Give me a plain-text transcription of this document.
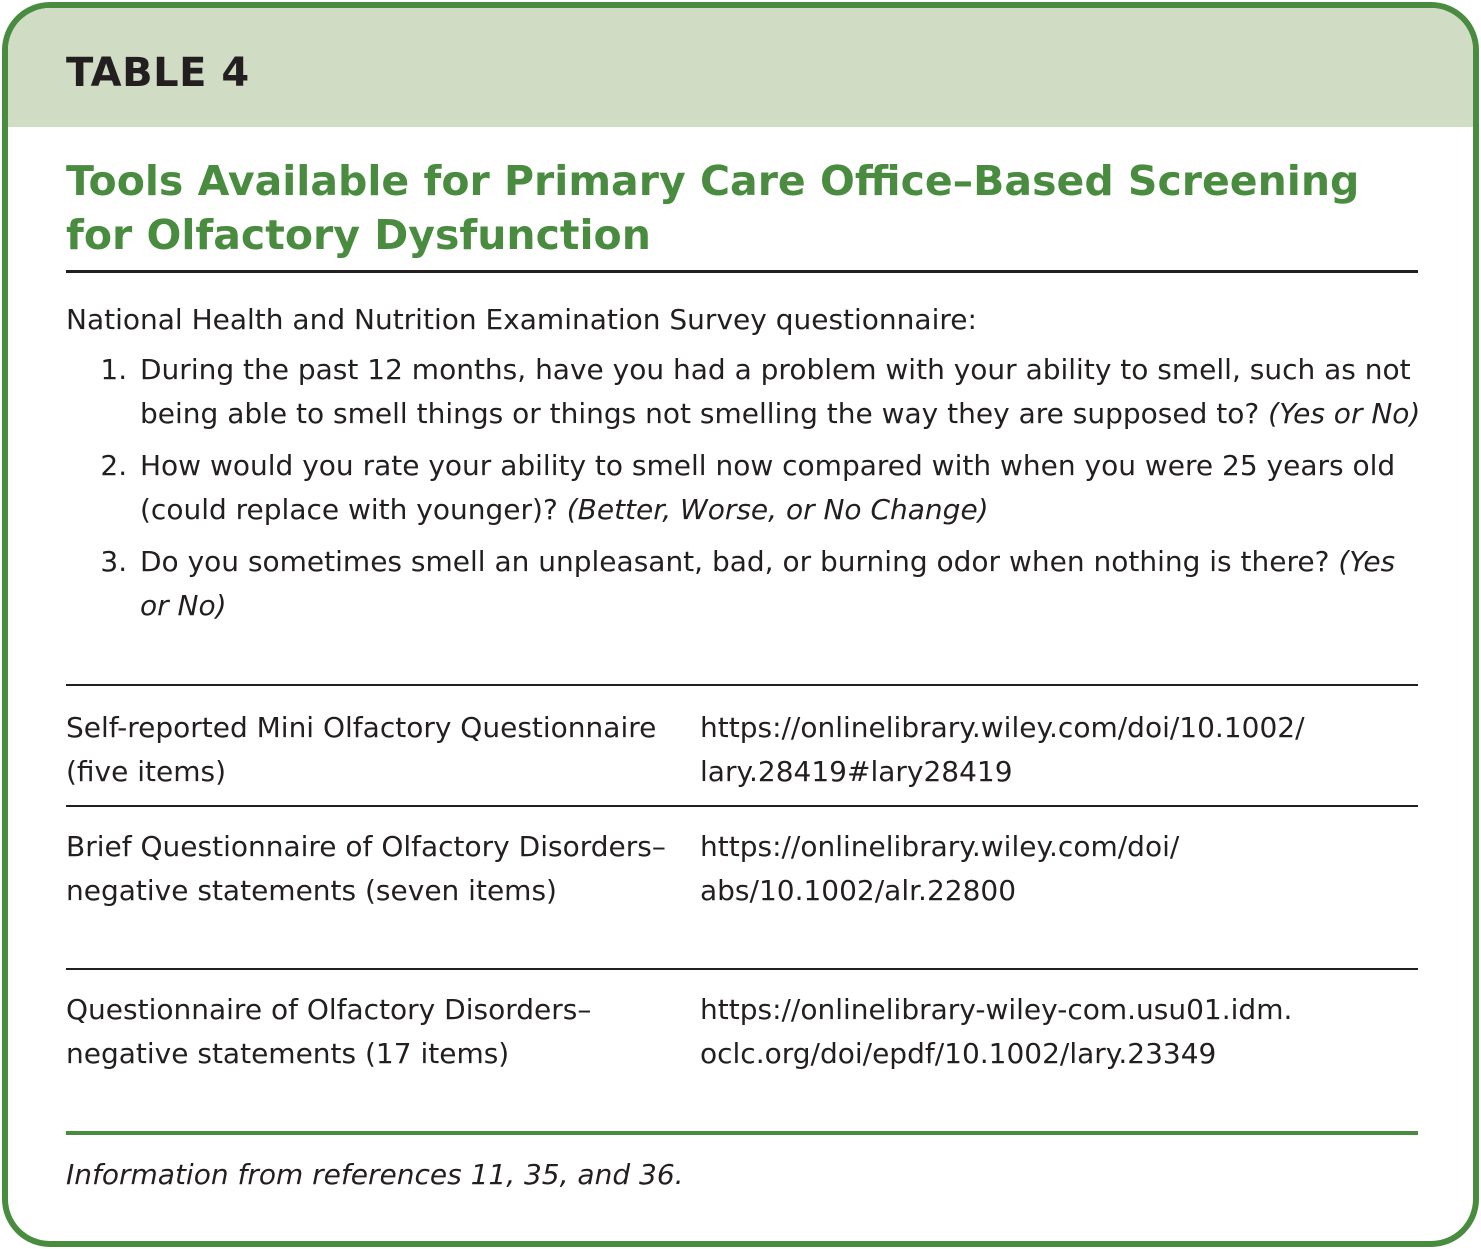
TABLE 4
Tools Available for Primary Care Office–Based Screening for Olfactory Dysfunction
National Health and Nutrition Examination Survey questionnaire:
1. During the past 12 months, have you had a problem with your ability to smell, such as not being able to smell things or things not smelling the way they are supposed to? (Yes or No)
2. How would you rate your ability to smell now compared with when you were 25 years old (could replace with younger)? (Better, Worse, or No Change)
3. Do you sometimes smell an unpleasant, bad, or burning odor when nothing is there? (Yes or No)
Self-reported Mini Olfactory Questionnaire (five items)
https://onlinelibrary.wiley.com/doi/10.1002/ lary.28419#lary28419
Brief Questionnaire of Olfactory Disorders–negative statements (seven items)
https://onlinelibrary.wiley.com/doi/ abs/10.1002/alr.22800
Questionnaire of Olfactory Disorders–negative statements (17 items)
https://onlinelibrary-wiley-com.usu01.idm. oclc.org/doi/epdf/10.1002/lary.23349
Information from references 11, 35, and 36.
